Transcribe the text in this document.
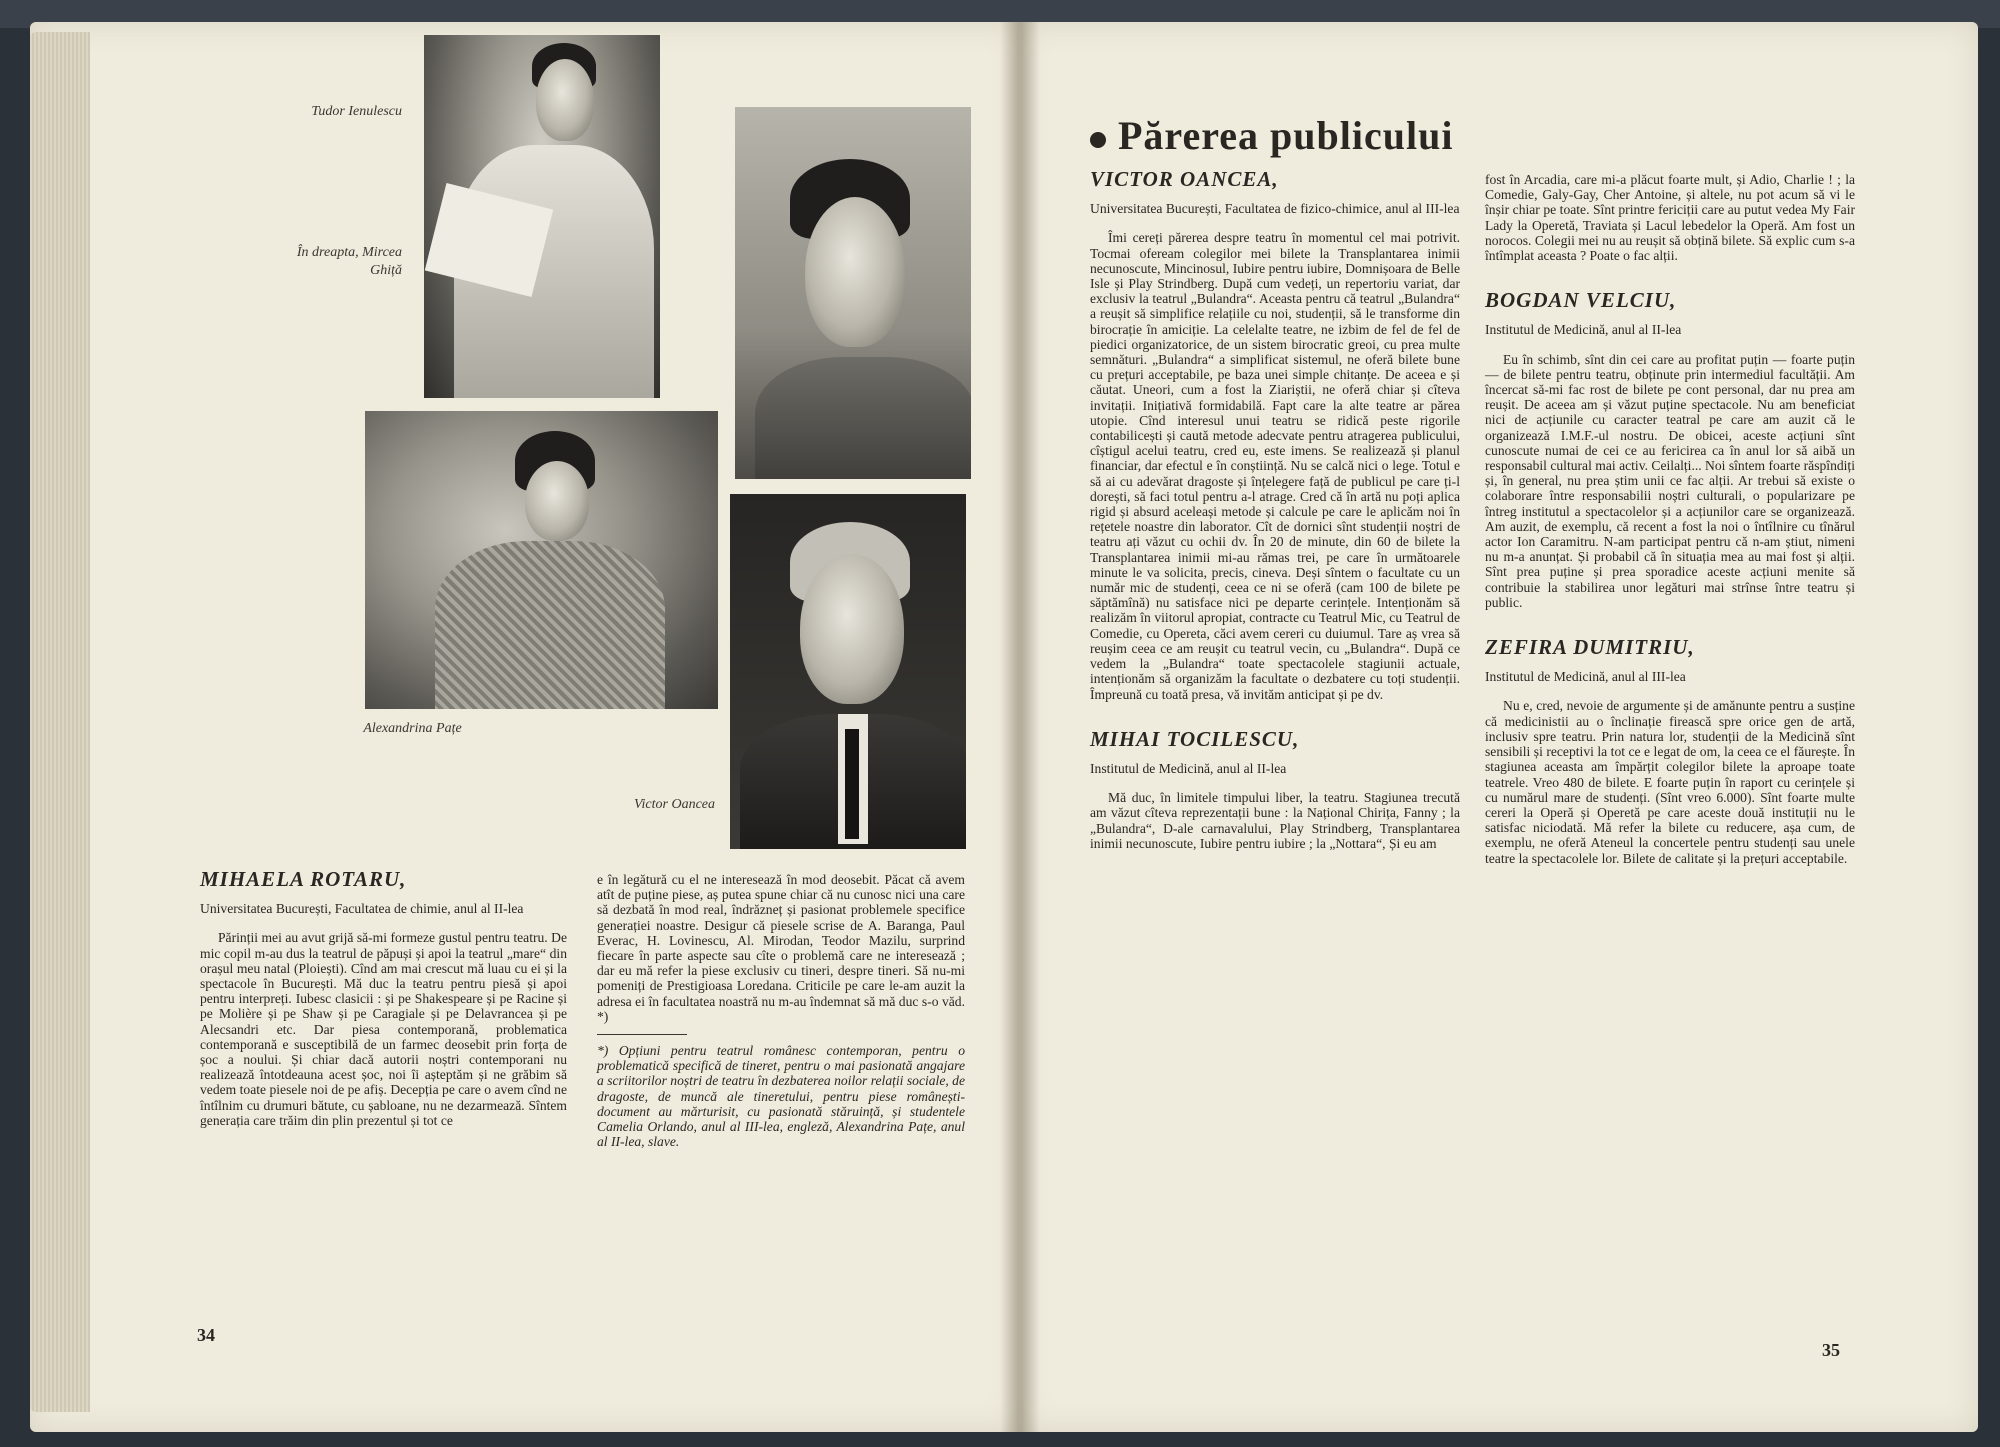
Tudor Ienulescu
În dreapta, Mircea Ghiță
Alexandrina Pațe
Victor Oancea
MIHAELA ROTARU,
Universitatea București, Facultatea de chimie, anul al II-lea

Părinții mei au avut grijă să-mi formeze gustul pentru teatru. De mic copil m-au dus la teatrul de păpuși și apoi la teatrul „mare“ din orașul meu natal (Ploiești). Cînd am mai crescut mă luau cu ei și la spectacole în București. Mă duc la teatru pentru piesă și apoi pentru interpreți. Iubesc clasicii : și pe Shakespeare și pe Racine și pe Molière și pe Shaw și pe Caragiale și pe Delavrancea și pe Alecsandri etc. Dar piesa contemporană, problematica contemporană e susceptibilă de un farmec deosebit prin forța de șoc a noului. Și chiar dacă autorii noștri contemporani nu realizează întotdeauna acest șoc, noi îi așteptăm și ne grăbim să vedem toate piesele noi de pe afiș. Decepția pe care o avem cînd ne întîlnim cu drumuri bătute, cu șabloane, nu ne dezarmează. Sîntem generația care trăim din plin prezentul și tot ce

e în legătură cu el ne interesează în mod deosebit. Păcat că avem atît de puține piese, aș putea spune chiar că nu cunosc nici una care să dezbată în mod real, îndrăzneț și pasionat problemele specifice generației noastre. Desigur că piesele scrise de A. Baranga, Paul Everac, H. Lovinescu, Al. Mirodan, Teodor Mazilu, surprind fiecare în parte aspecte sau cîte o problemă care ne interesează ; dar eu mă refer la piese exclusiv cu tineri, despre tineri. Să nu-mi pomeniți de Prestigioasa Loredana. Criticile pe care le-am auzit la adresa ei în facultatea noastră nu m-au îndemnat să mă duc s-o văd. *)

*) Opțiuni pentru teatrul românesc contemporan, pentru o problematică specifică de tineret, pentru o mai pasionată angajare a scriitorilor noștri de teatru în dezbaterea noilor relații sociale, de dragoste, de muncă ale tineretului, pentru piese românești-document au mărturisit, cu pasionată stăruință, și studentele Camelia Orlando, anul al III-lea, engleză, Alexandrina Pațe, anul al II-lea, slave.
34
Părerea publicului
VICTOR OANCEA,
Universitatea București, Facultatea de fizico-chimice, anul al III-lea

Îmi cereți părerea despre teatru în momentul cel mai potrivit. Tocmai ofeream colegilor mei bilete la Transplantarea inimii necunoscute, Mincinosul, Iubire pentru iubire, Domnișoara de Belle Isle și Play Strindberg. După cum vedeți, un repertoriu variat, dar exclusiv la teatrul „Bulandra“. Aceasta pentru că teatrul „Bulandra“ a reușit să simplifice relațiile cu noi, studenții, să le transforme din birocrație în amiciție. La celelalte teatre, ne izbim de fel de fel de piedici organizatorice, de un sistem birocratic greoi, cu prea multe semnături. „Bulandra“ a simplificat sistemul, ne oferă bilete bune cu prețuri acceptabile, pe baza unei simple chitanțe. De aceea e și căutat. Uneori, cum a fost la Ziariștii, ne oferă chiar și cîteva invitații. Inițiativă formidabilă. Fapt care la alte teatre ar părea utopie. Cînd interesul unui teatru se ridică peste rigorile contabilicești și caută metode adecvate pentru atragerea publicului, cîștigul acelui teatru, cred eu, este imens. Se realizează și planul financiar, dar efectul e în conștiință. Nu se calcă nici o lege. Totul e să ai cu adevărat dragoste și înțelegere față de publicul pe care ți-l dorești, să faci totul pentru a-l atrage. Cred că în artă nu poți aplica rigid și absurd aceleași metode și calcule pe care le aplicăm noi în rețetele noastre din laborator. Cît de dornici sînt studenții noștri de teatru ați văzut cu ochii dv. În 20 de minute, din 60 de bilete la Transplantarea inimii mi-au rămas trei, pe care în următoarele minute le va solicita, precis, cineva. Deși sîntem o facultate cu un număr mic de studenți, ceea ce ni se oferă (cam 100 de bilete pe săptămînă) nu satisface nici pe departe cerințele. Intenționăm să realizăm în viitorul apropiat, contracte cu Teatrul Mic, cu Teatrul de Comedie, cu Opereta, căci avem cereri cu duiumul. Tare aș vrea să reușim ceea ce am reușit cu teatrul vecin, cu „Bulandra“. După ce vedem la „Bulandra“ toate spectacolele stagiunii actuale, intenționăm să organizăm la facultate o dezbatere cu toți studenții. Împreună cu toată presa, vă invităm anticipat și pe dv.

MIHAI TOCILESCU,
Institutul de Medicină, anul al II-lea

Mă duc, în limitele timpului liber, la teatru. Stagiunea trecută am văzut cîteva reprezentații bune : la Național Chirița, Fanny ; la „Bulandra“, D-ale carnavalului, Play Strindberg, Transplantarea inimii necunoscute, Iubire pentru iubire ; la „Nottara“, Și eu am

fost în Arcadia, care mi-a plăcut foarte mult, și Adio, Charlie ! ; la Comedie, Galy-Gay, Cher Antoine, și altele, nu pot acum să vi le înșir chiar pe toate. Sînt printre fericiții care au putut vedea My Fair Lady la Operetă, Traviata și Lacul lebedelor la Operă. Am fost un norocos. Colegii mei nu au reușit să obțină bilete. Să explic cum s-a întîmplat aceasta ? Poate o fac alții.

BOGDAN VELCIU,
Institutul de Medicină, anul al II-lea

Eu în schimb, sînt din cei care au profitat puțin — foarte puțin — de bilete pentru teatru, obținute prin intermediul facultății. Am încercat să-mi fac rost de bilete pe cont personal, dar nu prea am reușit. De aceea am și văzut puține spectacole. Nu am beneficiat nici de acțiunile cu caracter teatral pe care am auzit că le organizează I.M.F.-ul nostru. De obicei, aceste acțiuni sînt cunoscute numai de cei ce au fericirea ca în anul lor să aibă un responsabil cultural mai activ. Ceilalți... Noi sîntem foarte răspîndiți și, în general, nu prea știm unii ce fac alții. Ar trebui să existe o colaborare între responsabilii noștri culturali, o popularizare pe întreg institutul a spectacolelor și a acțiunilor care se organizează. Am auzit, de exemplu, că recent a fost la noi o întîlnire cu tînărul actor Ion Caramitru. N-am participat pentru că n-am știut, nimeni nu m-a anunțat. Și probabil că în situația mea au mai fost și alții. Sînt prea puține și prea sporadice aceste acțiuni menite să contribuie la stabilirea unor legături mai strînse între teatru și public.

ZEFIRA DUMITRIU,
Institutul de Medicină, anul al III-lea

Nu e, cred, nevoie de argumente și de amănunte pentru a susține că medicinistii au o înclinație firească spre orice gen de artă, inclusiv spre teatru. Prin natura lor, studenții de la Medicină sînt sensibili și receptivi la tot ce e legat de om, la ceea ce el făurește. În stagiunea aceasta am împărțit colegilor bilete la aproape toate teatrele. Vreo 480 de bilete. E foarte puțin în raport cu cerințele și cu numărul mare de studenți. (Sînt vreo 6.000). Sînt foarte multe cereri la Operă și Operetă pe care aceste două instituții nu le satisfac niciodată. Mă refer la bilete cu reducere, așa cum, de exemplu, ne oferă Ateneul la concertele pentru studenți sau unele teatre la spectacolele lor. Bilete de calitate și la prețuri acceptabile.

35
